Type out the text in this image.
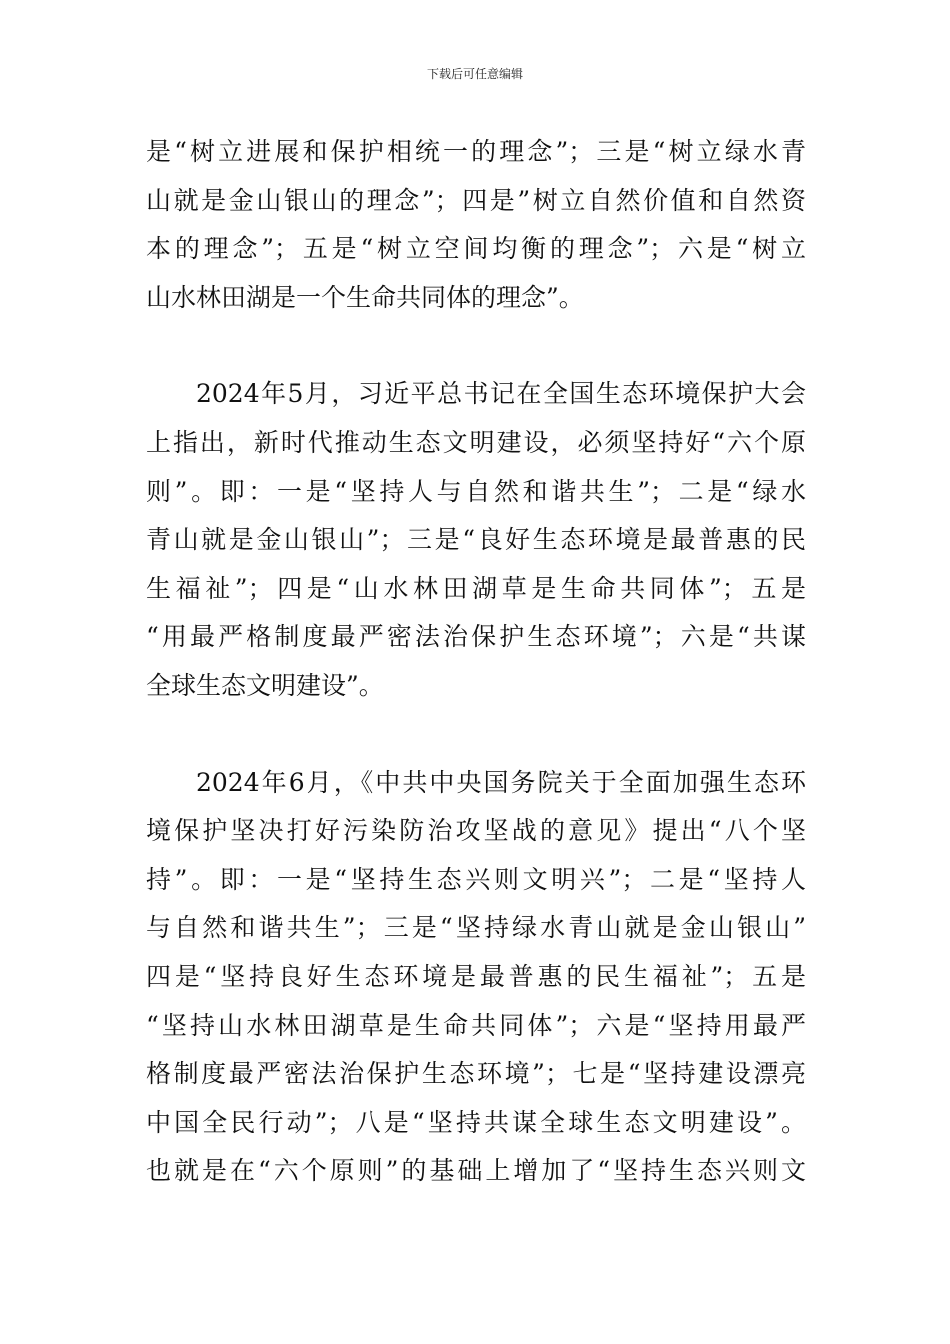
下载后可任意编辑
是“树立进展和保护相统一的理念”；三是“树立绿水青
山就是金山银山的理念”；四是”树立自然价值和自然资
本的理念”；五是“树立空间均衡的理念”；六是“树立
山水林田湖是一个生命共同体的理念”。
2024年5月，习近平总书记在全国生态环境保护大会
上指出，新时代推动生态文明建设，必须坚持好“六个原
则”。即：一是“坚持人与自然和谐共生”；二是“绿水
青山就是金山银山”；三是“良好生态环境是最普惠的民
生福祉”；四是“山水林田湖草是生命共同体”；五是
“用最严格制度最严密法治保护生态环境”；六是“共谋
全球生态文明建设”。
2024年6月，《中共中央国务院关于全面加强生态环
境保护坚决打好污染防治攻坚战的意见》提出“八个坚
持”。即：一是“坚持生态兴则文明兴”；二是“坚持人
与自然和谐共生”；三是“坚持绿水青山就是金山银山”
四是“坚持良好生态环境是最普惠的民生福祉”；五是
“坚持山水林田湖草是生命共同体”；六是“坚持用最严
格制度最严密法治保护生态环境”；七是“坚持建设漂亮
中国全民行动”；八是“坚持共谋全球生态文明建设”。
也就是在“六个原则”的基础上增加了“坚持生态兴则文
